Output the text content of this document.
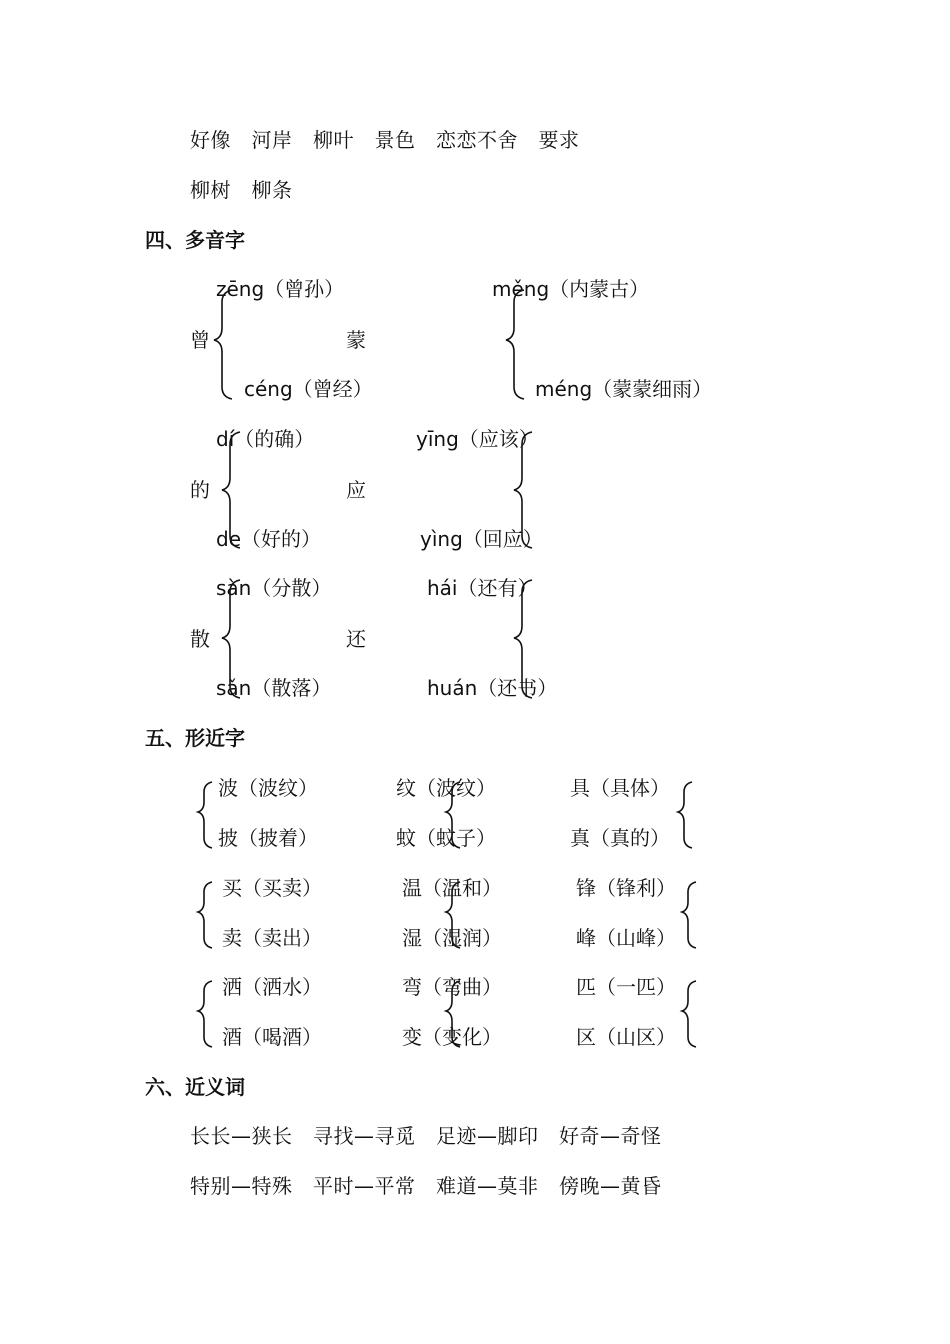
好像　河岸　柳叶　景色　恋恋不舍　要求
柳树　柳条
四、多音字
zēng（曾孙）
曾
céng（曾经）
蒙
měng（内蒙古）
méng（蒙蒙细雨）
dí（的确）
的
de（好的）
应
yīng（应该）
yìng（回应）
sàn（分散）
散
sǎn（散落）
还
hái（还有）
huán（还书）
五、形近字
波（波纹）	纹（波纹）	具（具体）
披（披着）	蚊（蚊子）	真（真的）
买（买卖）	温（温和）	锋（锋利）
卖（卖出）	湿（湿润）	峰（山峰）
洒（洒水）	弯（弯曲）	匹（一匹）
酒（喝酒）	变（变化）	区（山区）
六、近义词
长长—狭长　寻找—寻觅　足迹—脚印　好奇—奇怪
特别—特殊　平时—平常　难道—莫非　傍晚—黄昏
